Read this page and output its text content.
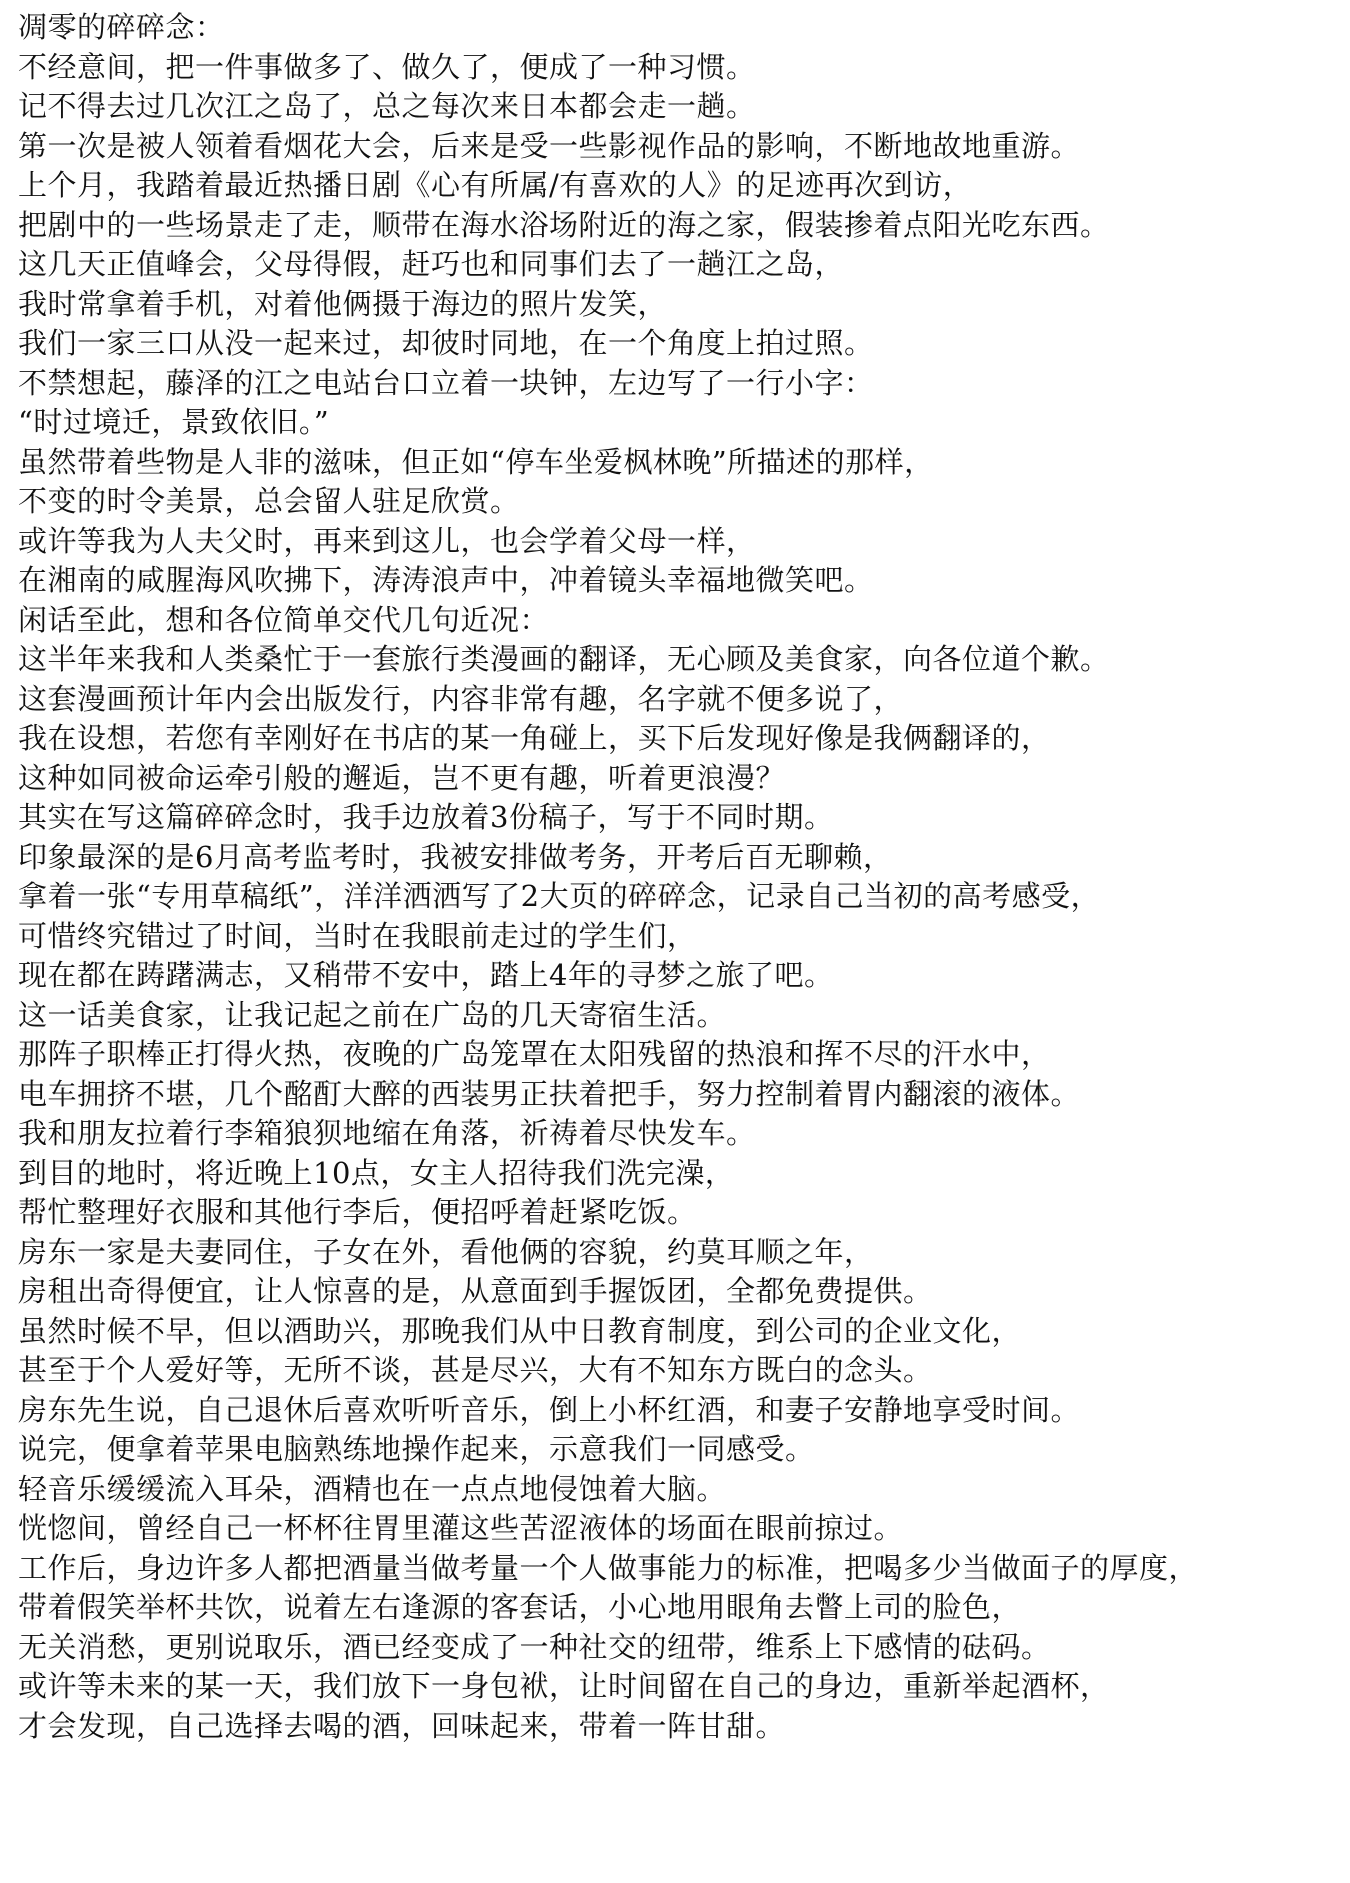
凋零的碎碎念：
不经意间，把一件事做多了、做久了，便成了一种习惯。
记不得去过几次江之岛了，总之每次来日本都会走一趟。
第一次是被人领着看烟花大会，后来是受一些影视作品的影响，不断地故地重游。
上个月，我踏着最近热播日剧《心有所属/有喜欢的人》的足迹再次到访，
把剧中的一些场景走了走，顺带在海水浴场附近的海之家，假装掺着点阳光吃东西。
这几天正值峰会，父母得假，赶巧也和同事们去了一趟江之岛，
我时常拿着手机，对着他俩摄于海边的照片发笑，
我们一家三口从没一起来过，却彼时同地，在一个角度上拍过照。
不禁想起，藤泽的江之电站台口立着一块钟，左边写了一行小字：
“时过境迁，景致依旧。”
虽然带着些物是人非的滋味，但正如“停车坐爱枫林晚”所描述的那样，
不变的时令美景，总会留人驻足欣赏。
或许等我为人夫父时，再来到这儿，也会学着父母一样，
在湘南的咸腥海风吹拂下，涛涛浪声中，冲着镜头幸福地微笑吧。
闲话至此，想和各位简单交代几句近况：
这半年来我和人类桑忙于一套旅行类漫画的翻译，无心顾及美食家，向各位道个歉。
这套漫画预计年内会出版发行，内容非常有趣，名字就不便多说了，
我在设想，若您有幸刚好在书店的某一角碰上，买下后发现好像是我俩翻译的，
这种如同被命运牵引般的邂逅，岂不更有趣，听着更浪漫？
其实在写这篇碎碎念时，我手边放着3份稿子，写于不同时期。
印象最深的是6月高考监考时，我被安排做考务，开考后百无聊赖，
拿着一张“专用草稿纸”，洋洋洒洒写了2大页的碎碎念，记录自己当初的高考感受，
可惜终究错过了时间，当时在我眼前走过的学生们，
现在都在踌躇满志，又稍带不安中，踏上4年的寻梦之旅了吧。
这一话美食家，让我记起之前在广岛的几天寄宿生活。
那阵子职棒正打得火热，夜晚的广岛笼罩在太阳残留的热浪和挥不尽的汗水中，
电车拥挤不堪，几个酩酊大醉的西装男正扶着把手，努力控制着胃内翻滚的液体。
我和朋友拉着行李箱狼狈地缩在角落，祈祷着尽快发车。
到目的地时，将近晚上10点，女主人招待我们洗完澡，
帮忙整理好衣服和其他行李后，便招呼着赶紧吃饭。
房东一家是夫妻同住，子女在外，看他俩的容貌，约莫耳顺之年，
房租出奇得便宜，让人惊喜的是，从意面到手握饭团，全都免费提供。
虽然时候不早，但以酒助兴，那晚我们从中日教育制度，到公司的企业文化，
甚至于个人爱好等，无所不谈，甚是尽兴，大有不知东方既白的念头。
房东先生说，自己退休后喜欢听听音乐，倒上小杯红酒，和妻子安静地享受时间。
说完，便拿着苹果电脑熟练地操作起来，示意我们一同感受。
轻音乐缓缓流入耳朵，酒精也在一点点地侵蚀着大脑。
恍惚间，曾经自己一杯杯往胃里灌这些苦涩液体的场面在眼前掠过。
工作后，身边许多人都把酒量当做考量一个人做事能力的标准，把喝多少当做面子的厚度，
带着假笑举杯共饮，说着左右逢源的客套话，小心地用眼角去瞥上司的脸色，
无关消愁，更别说取乐，酒已经变成了一种社交的纽带，维系上下感情的砝码。
或许等未来的某一天，我们放下一身包袱，让时间留在自己的身边，重新举起酒杯，
才会发现，自己选择去喝的酒，回味起来，带着一阵甘甜。
